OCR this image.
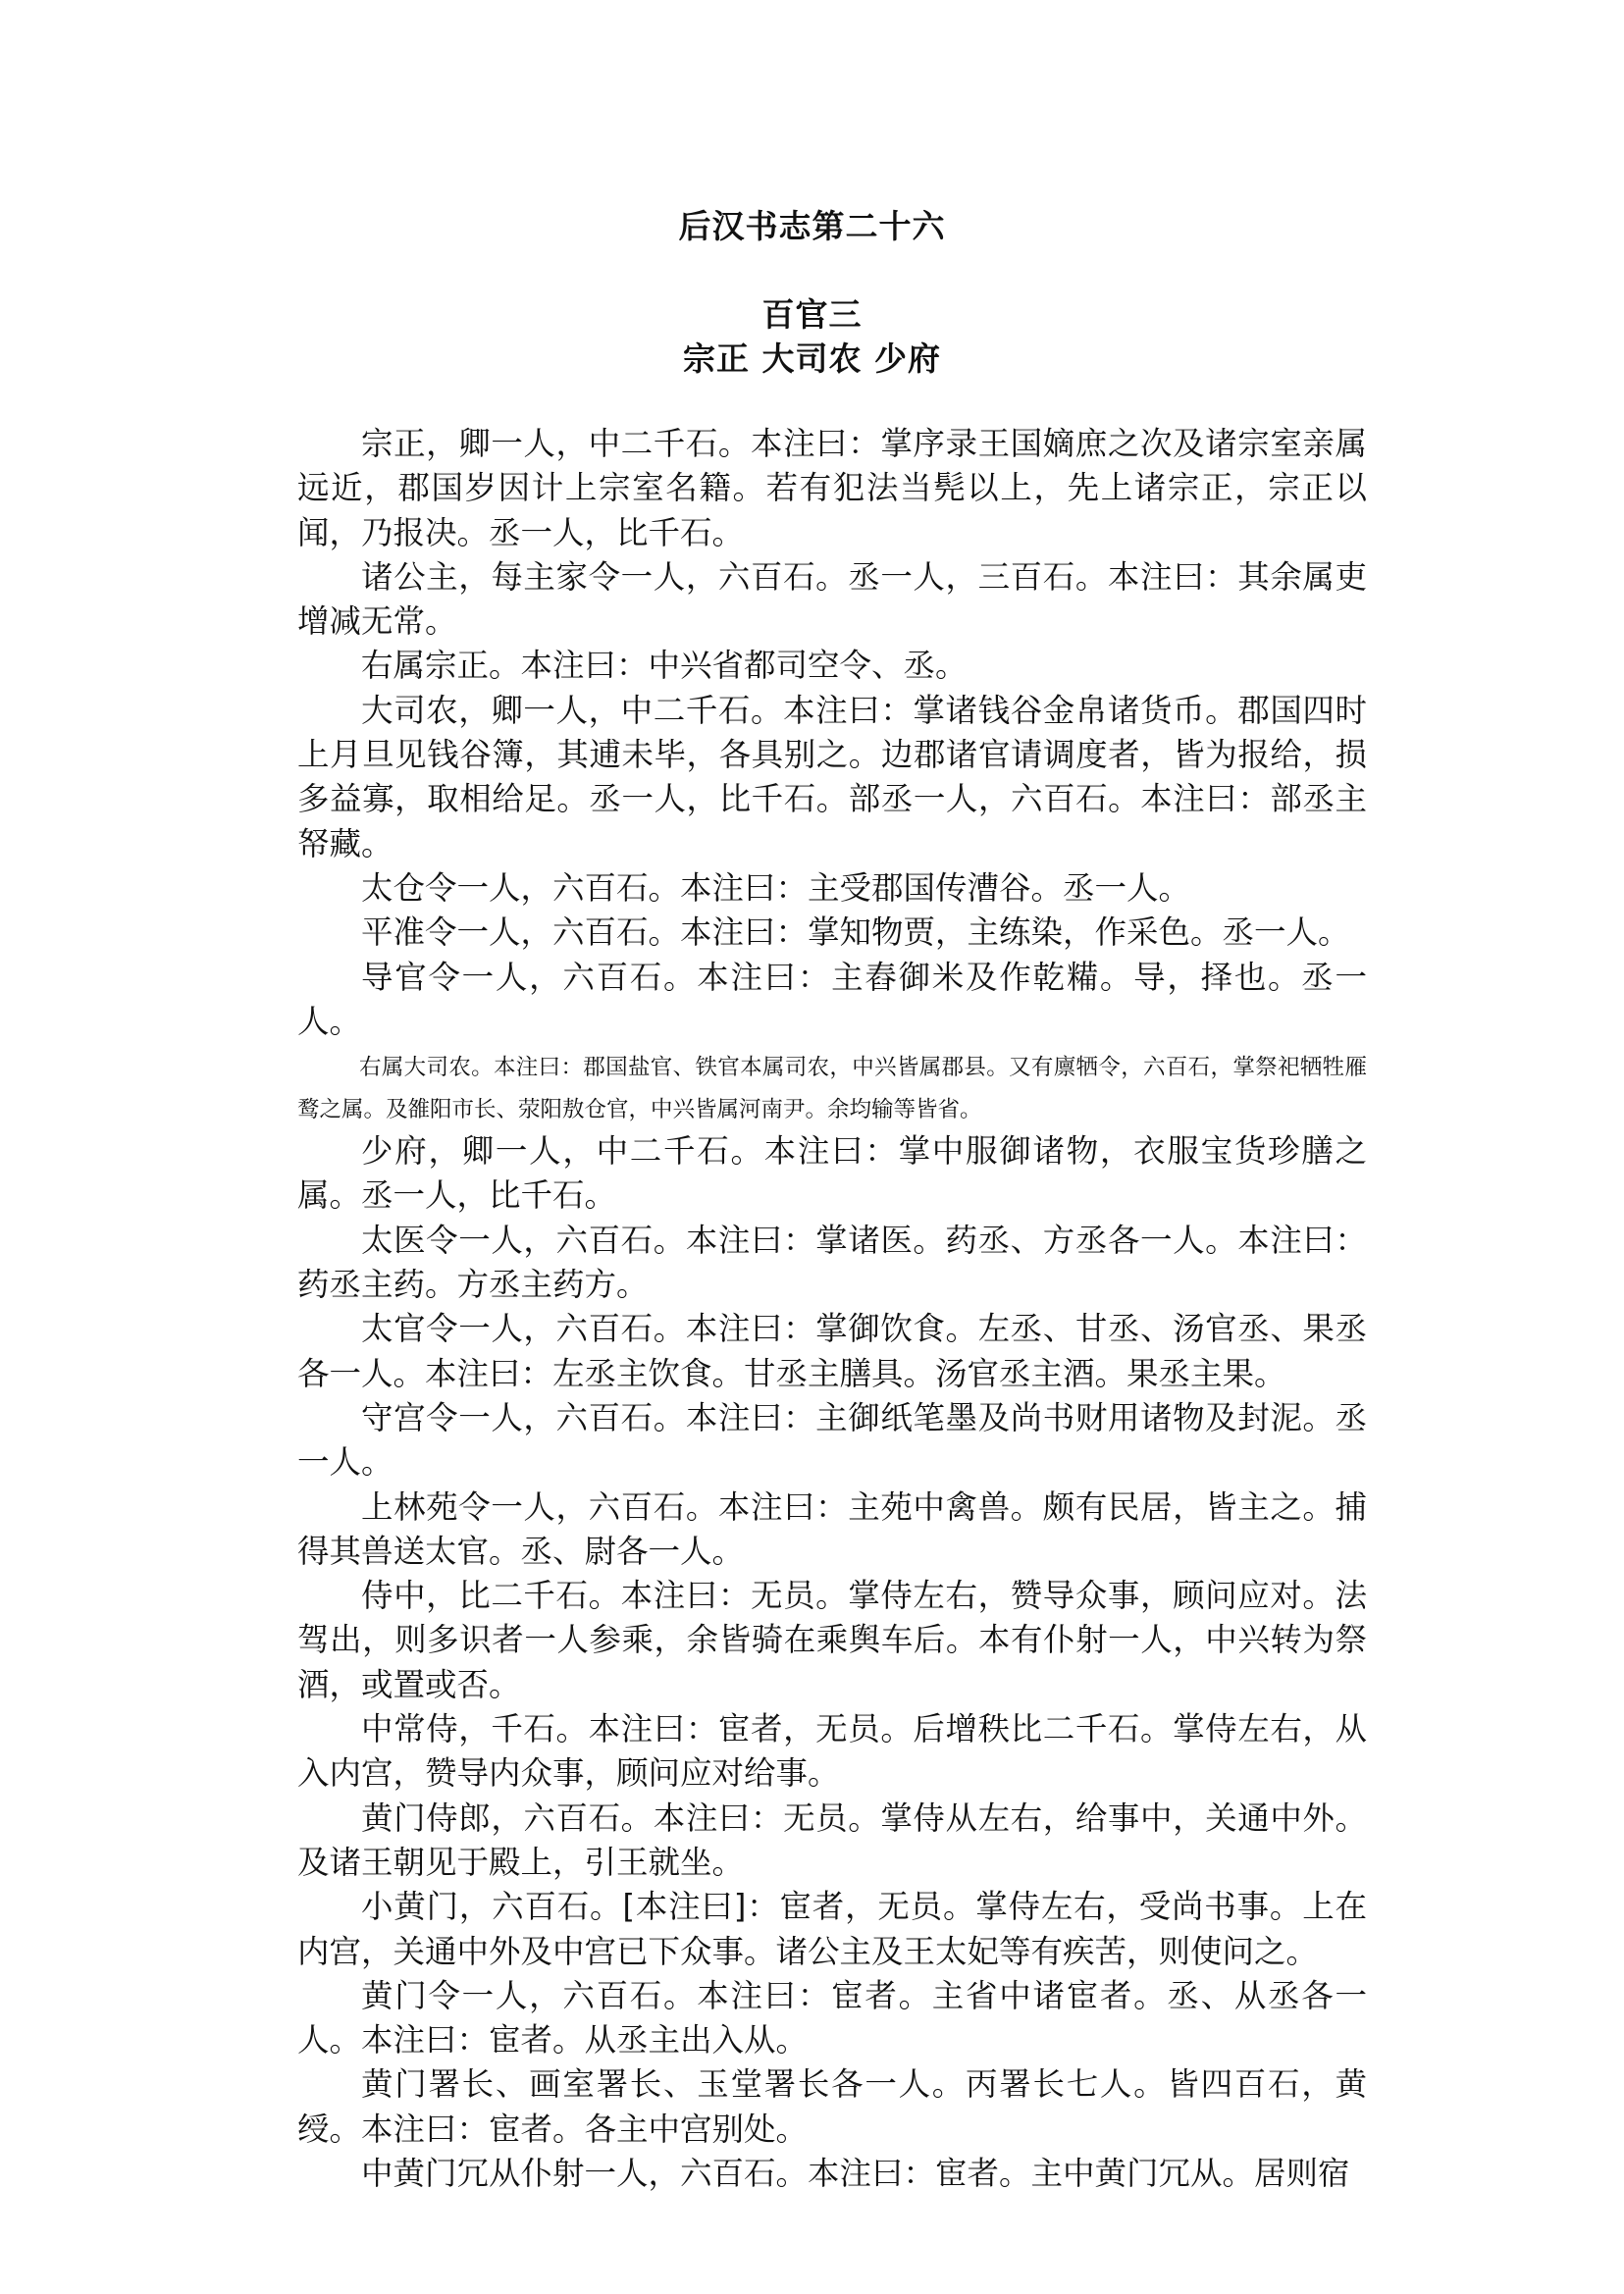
后汉书志第二十六
百官三
宗正 大司农 少府

宗正，卿一人，中二千石。本注曰：掌序录王国嫡庶之次及诸宗室亲属远近，郡国岁因计上宗室名籍。若有犯法当髡以上，先上诸宗正，宗正以闻，乃报决。丞一人，比千石。

诸公主，每主家令一人，六百石。丞一人，三百石。本注曰：其余属吏增减无常。

右属宗正。本注曰：中兴省都司空令、丞。

大司农，卿一人，中二千石。本注曰：掌诸钱谷金帛诸货币。郡国四时上月旦见钱谷簿，其逋未毕，各具别之。边郡诸官请调度者，皆为报给，损多益寡，取相给足。丞一人，比千石。部丞一人，六百石。本注曰：部丞主帑藏。

太仓令一人，六百石。本注曰：主受郡国传漕谷。丞一人。

平准令一人，六百石。本注曰：掌知物贾，主练染，作采色。丞一人。

导官令一人，六百石。本注曰：主舂御米及作乾糒。导，择也。丞一人。

右属大司农。本注曰：郡国盐官、铁官本属司农，中兴皆属郡县。又有廪牺令，六百石，掌祭祀牺牲雁鹜之属。及雒阳市长、荥阳敖仓官，中兴皆属河南尹。余均输等皆省。

少府，卿一人，中二千石。本注曰：掌中服御诸物，衣服宝货珍膳之属。丞一人，比千石。

太医令一人，六百石。本注曰：掌诸医。药丞、方丞各一人。本注曰：药丞主药。方丞主药方。

太官令一人，六百石。本注曰：掌御饮食。左丞、甘丞、汤官丞、果丞各一人。本注曰：左丞主饮食。甘丞主膳具。汤官丞主酒。果丞主果。

守宫令一人，六百石。本注曰：主御纸笔墨及尚书财用诸物及封泥。丞一人。

上林苑令一人，六百石。本注曰：主苑中禽兽。颇有民居，皆主之。捕得其兽送太官。丞、尉各一人。

侍中，比二千石。本注曰：无员。掌侍左右，赞导众事，顾问应对。法驾出，则多识者一人参乘，余皆骑在乘舆车后。本有仆射一人，中兴转为祭酒，或置或否。

中常侍，千石。本注曰：宦者，无员。后增秩比二千石。掌侍左右，从入内宫，赞导内众事，顾问应对给事。

黄门侍郎，六百石。本注曰：无员。掌侍从左右，给事中，关通中外。及诸王朝见于殿上，引王就坐。

小黄门，六百石。[本注曰]：宦者，无员。掌侍左右，受尚书事。上在内宫，关通中外及中宫已下众事。诸公主及王太妃等有疾苦，则使问之。

黄门令一人，六百石。本注曰：宦者。主省中诸宦者。丞、从丞各一人。本注曰：宦者。从丞主出入从。

黄门署长、画室署长、玉堂署长各一人。丙署长七人。皆四百石，黄绶。本注曰：宦者。各主中宫别处。

中黄门冗从仆射一人，六百石。本注曰：宦者。主中黄门冗从。居则宿
